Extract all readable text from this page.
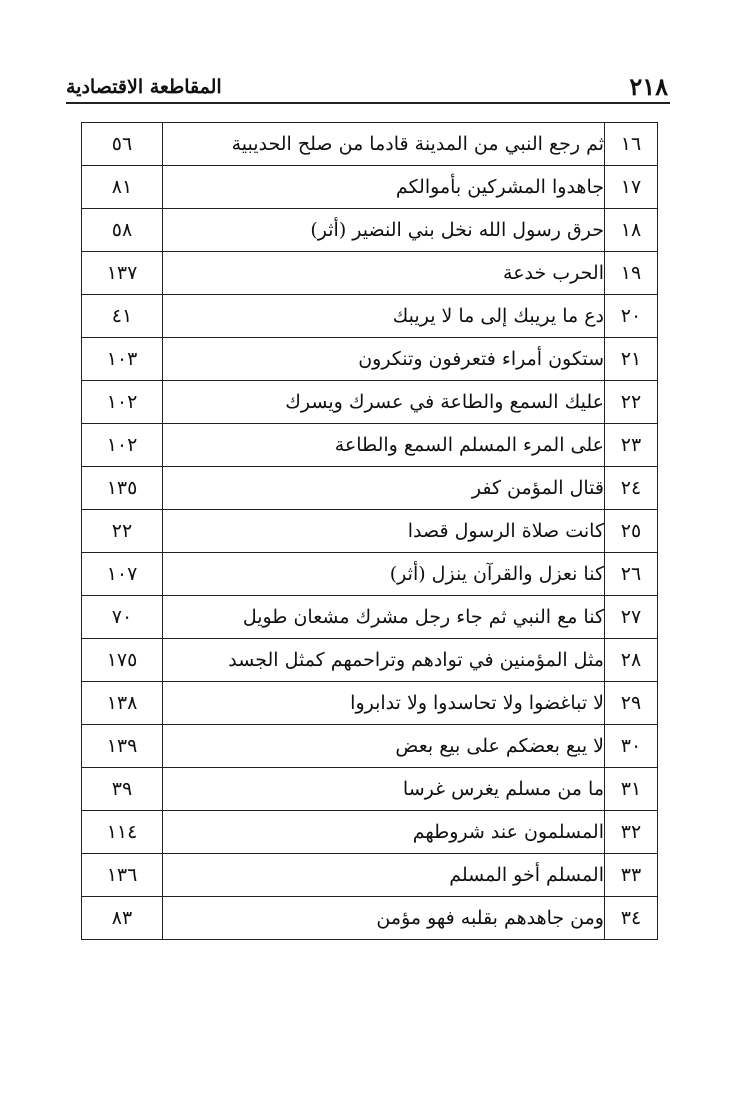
٢١٨
المقاطعة الاقتصادية
١٦	ثم رجع النبي من المدينة قادما من صلح الحديبية	٥٦
١٧	جاهدوا المشركين بأموالكم	٨١
١٨	حرق رسول الله نخل بني النضير (أثر)	٥٨
١٩	الحرب خدعة	١٣٧
٢٠	دع ما يريبك إلى ما لا يريبك	٤١
٢١	ستكون أمراء فتعرفون وتنكرون	١٠٣
٢٢	عليك السمع والطاعة في عسرك ويسرك	١٠٢
٢٣	على المرء المسلم السمع والطاعة	١٠٢
٢٤	قتال المؤمن كفر	١٣٥
٢٥	كانت صلاة الرسول قصدا	٢٢
٢٦	كنا نعزل والقرآن ينزل (أثر)	١٠٧
٢٧	كنا مع النبي ثم جاء رجل مشرك مشعان طويل	٧٠
٢٨	مثل المؤمنين في توادهم وتراحمهم كمثل الجسد	١٧٥
٢٩	لا تباغضوا ولا تحاسدوا ولا تدابروا	١٣٨
٣٠	لا يبع بعضكم على بيع بعض	١٣٩
٣١	ما من مسلم يغرس غرسا	٣٩
٣٢	المسلمون عند شروطهم	١١٤
٣٣	المسلم أخو المسلم	١٣٦
٣٤	ومن جاهدهم بقلبه فهو مؤمن	٨٣
